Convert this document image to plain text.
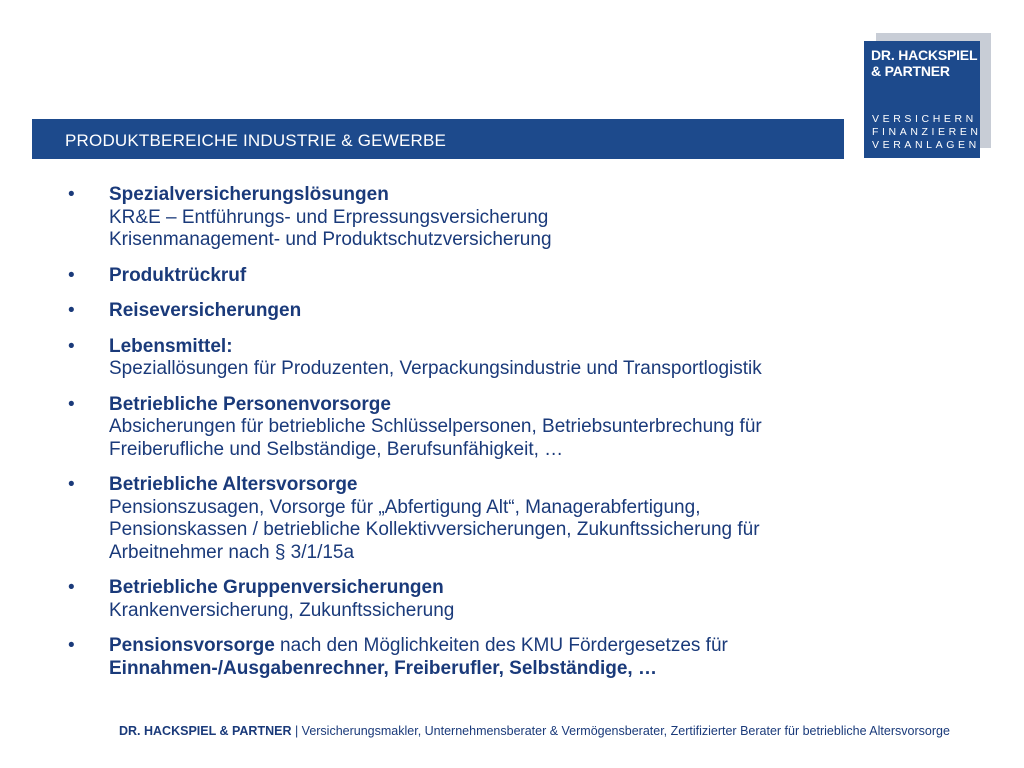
DR. HACKSPIEL
& PARTNER
VERSICHERN
FINANZIEREN
VERANLAGEN
PRODUKTBEREICHE INDUSTRIE & GEWERBE
• Spezialversicherungslösungen
KR&E – Entführungs- und Erpressungsversicherung
Krisenmanagement- und Produktschutzversicherung
• Produktrückruf
• Reiseversicherungen
• Lebensmittel:
Speziallösungen für Produzenten, Verpackungsindustrie und Transportlogistik
• Betriebliche Personenvorsorge
Absicherungen für betriebliche Schlüsselpersonen, Betriebsunterbrechung für
Freiberufliche und Selbständige, Berufsunfähigkeit, …
• Betriebliche Altersvorsorge
Pensionszusagen, Vorsorge für „Abfertigung Alt“, Managerabfertigung,
Pensionskassen / betriebliche Kollektivversicherungen, Zukunftssicherung für
Arbeitnehmer nach § 3/1/15a
• Betriebliche Gruppenversicherungen
Krankenversicherung, Zukunftssicherung
• Pensionsvorsorge nach den Möglichkeiten des KMU Fördergesetzes für
Einnahmen-/Ausgabenrechner, Freiberufler, Selbständige, …
DR. HACKSPIEL & PARTNER | Versicherungsmakler, Unternehmensberater & Vermögensberater, Zertifizierter Berater für betriebliche Altersvorsorge
